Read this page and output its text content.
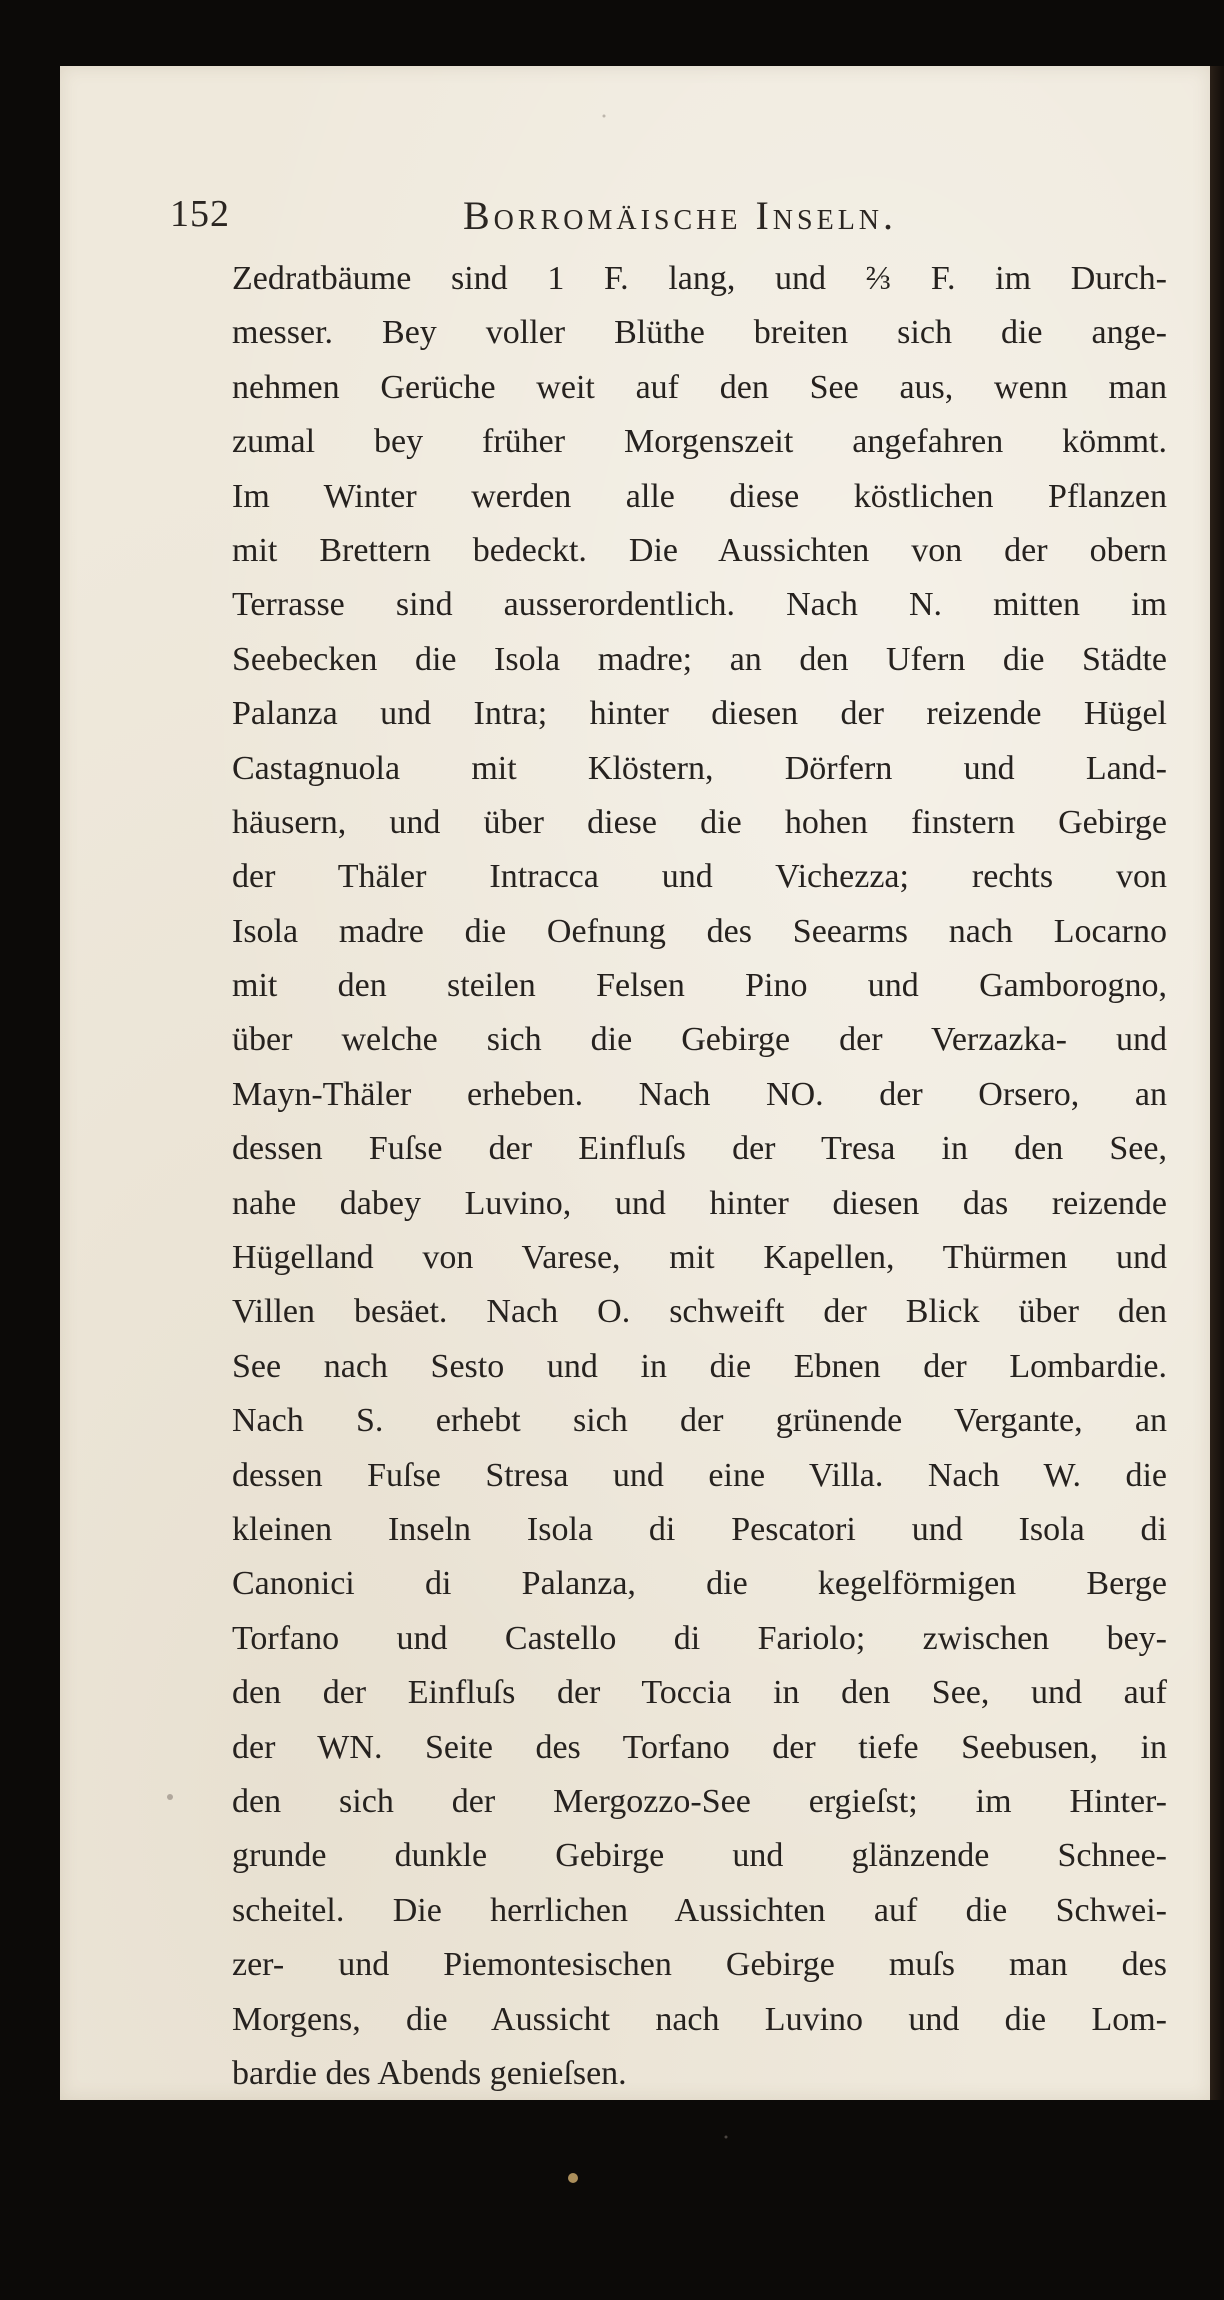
152	Borromäische Inseln.
Zedratbäume sind 1 F. lang, und ⅔ F. im Durch-
messer. Bey voller Blüthe breiten sich die ange-
nehmen Gerüche weit auf den See aus, wenn man
zumal bey früher Morgenszeit angefahren kömmt.
Im Winter werden alle diese köstlichen Pflanzen
mit Brettern bedeckt. Die Aussichten von der obern
Terrasse sind ausserordentlich. Nach N. mitten im
Seebecken die Isola madre; an den Ufern die Städte
Palanza und Intra; hinter diesen der reizende Hügel
Castagnuola mit Klöstern, Dörfern und Land-
häusern, und über diese die hohen finstern Gebirge
der Thäler Intracca und Vichezza; rechts von
Isola madre die Oefnung des Seearms nach Locarno
mit den steilen Felsen Pino und Gamborogno,
über welche sich die Gebirge der Verzazka- und
Mayn-Thäler erheben. Nach NO. der Orsero, an
dessen Fuſse der Einfluſs der Tresa in den See,
nahe dabey Luvino, und hinter diesen das reizende
Hügelland von Varese, mit Kapellen, Thürmen und
Villen besäet. Nach O. schweift der Blick über den
See nach Sesto und in die Ebnen der Lombardie.
Nach S. erhebt sich der grünende Vergante, an
dessen Fuſse Stresa und eine Villa. Nach W. die
kleinen Inseln Isola di Pescatori und Isola di
Canonici di Palanza, die kegelförmigen Berge
Torfano und Castello di Fariolo; zwischen bey-
den der Einfluſs der Toccia in den See, und auf
der WN. Seite des Torfano der tiefe Seebusen, in
den sich der Mergozzo-See ergieſst; im Hinter-
grunde dunkle Gebirge und glänzende Schnee-
scheitel. Die herrlichen Aussichten auf die Schwei-
zer- und Piemontesischen Gebirge muſs man des
Morgens, die Aussicht nach Luvino und die Lom-
bardie des Abends genieſsen.
